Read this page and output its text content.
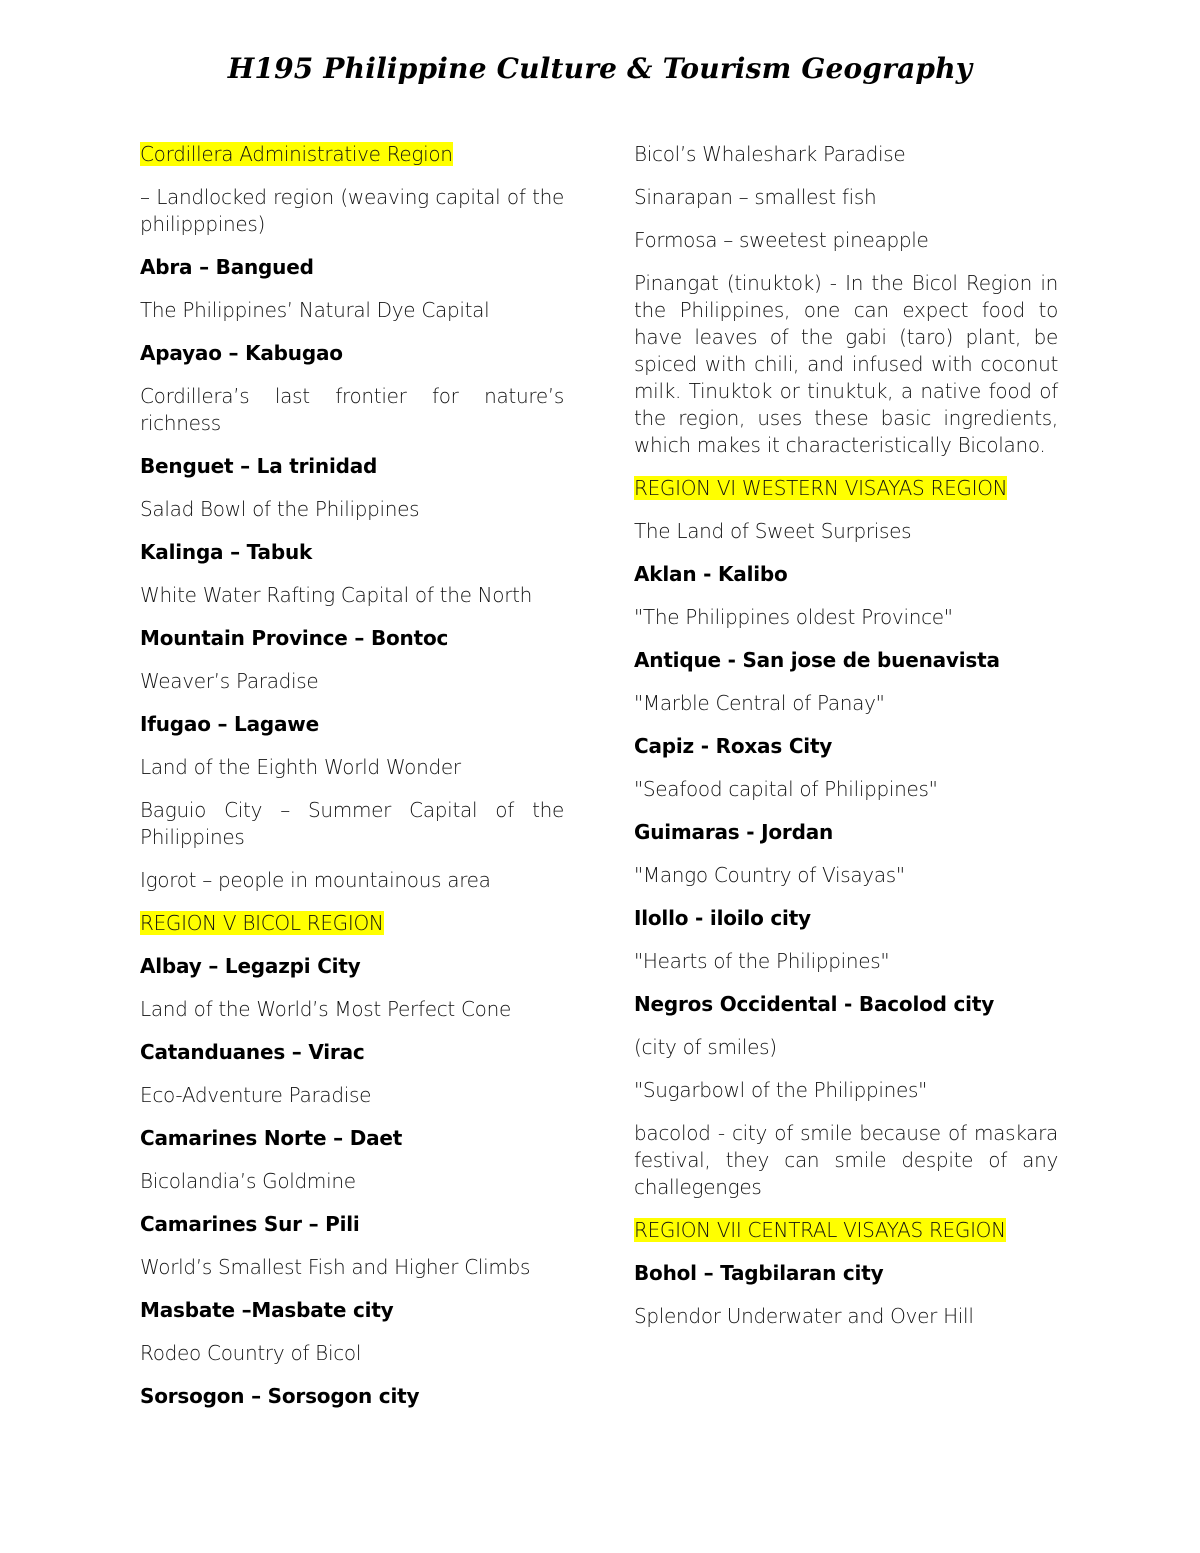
H195 Philippine Culture & Tourism Geography
Cordillera Administrative Region
– Landlocked region (weaving capital of the philipppines)
Abra – Bangued
The Philippines’ Natural Dye Capital
Apayao – Kabugao
Cordillera’s last frontier for nature’s richness
Benguet – La trinidad
Salad Bowl of the Philippines
Kalinga – Tabuk
White Water Rafting Capital of the North
Mountain Province – Bontoc
Weaver’s Paradise
Ifugao – Lagawe
Land of the Eighth World Wonder
Baguio City – Summer Capital of the Philippines
Igorot – people in mountainous area
REGION V BICOL REGION
Albay – Legazpi City
Land of the World’s Most Perfect Cone
Catanduanes – Virac
Eco-Adventure Paradise
Camarines Norte – Daet
Bicolandia’s Goldmine
Camarines Sur – Pili
World’s Smallest Fish and Higher Climbs
Masbate –Masbate city
Rodeo Country of Bicol
Sorsogon – Sorsogon city
Bicol’s Whaleshark Paradise
Sinarapan – smallest fish
Formosa – sweetest pineapple
Pinangat (tinuktok) - In the Bicol Region in the Philippines, one can expect food to have leaves of the gabi (taro) plant, be spiced with chili, and infused with coconut milk. Tinuktok or tinuktuk, a native food of the region, uses these basic ingredients, which makes it characteristically Bicolano.
REGION VI WESTERN VISAYAS REGION
The Land of Sweet Surprises
Aklan - Kalibo
"The Philippines oldest Province"
Antique - San jose de buenavista
"Marble Central of Panay"
Capiz - Roxas City
"Seafood capital of Philippines"
Guimaras - Jordan
"Mango Country of Visayas"
Ilollo - iloilo city
"Hearts of the Philippines"
Negros Occidental - Bacolod city
(city of smiles)
"Sugarbowl of the Philippines"
bacolod - city of smile because of maskara festival, they can smile despite of any challegenges
REGION VII CENTRAL VISAYAS REGION
Bohol – Tagbilaran city
Splendor Underwater and Over Hill
